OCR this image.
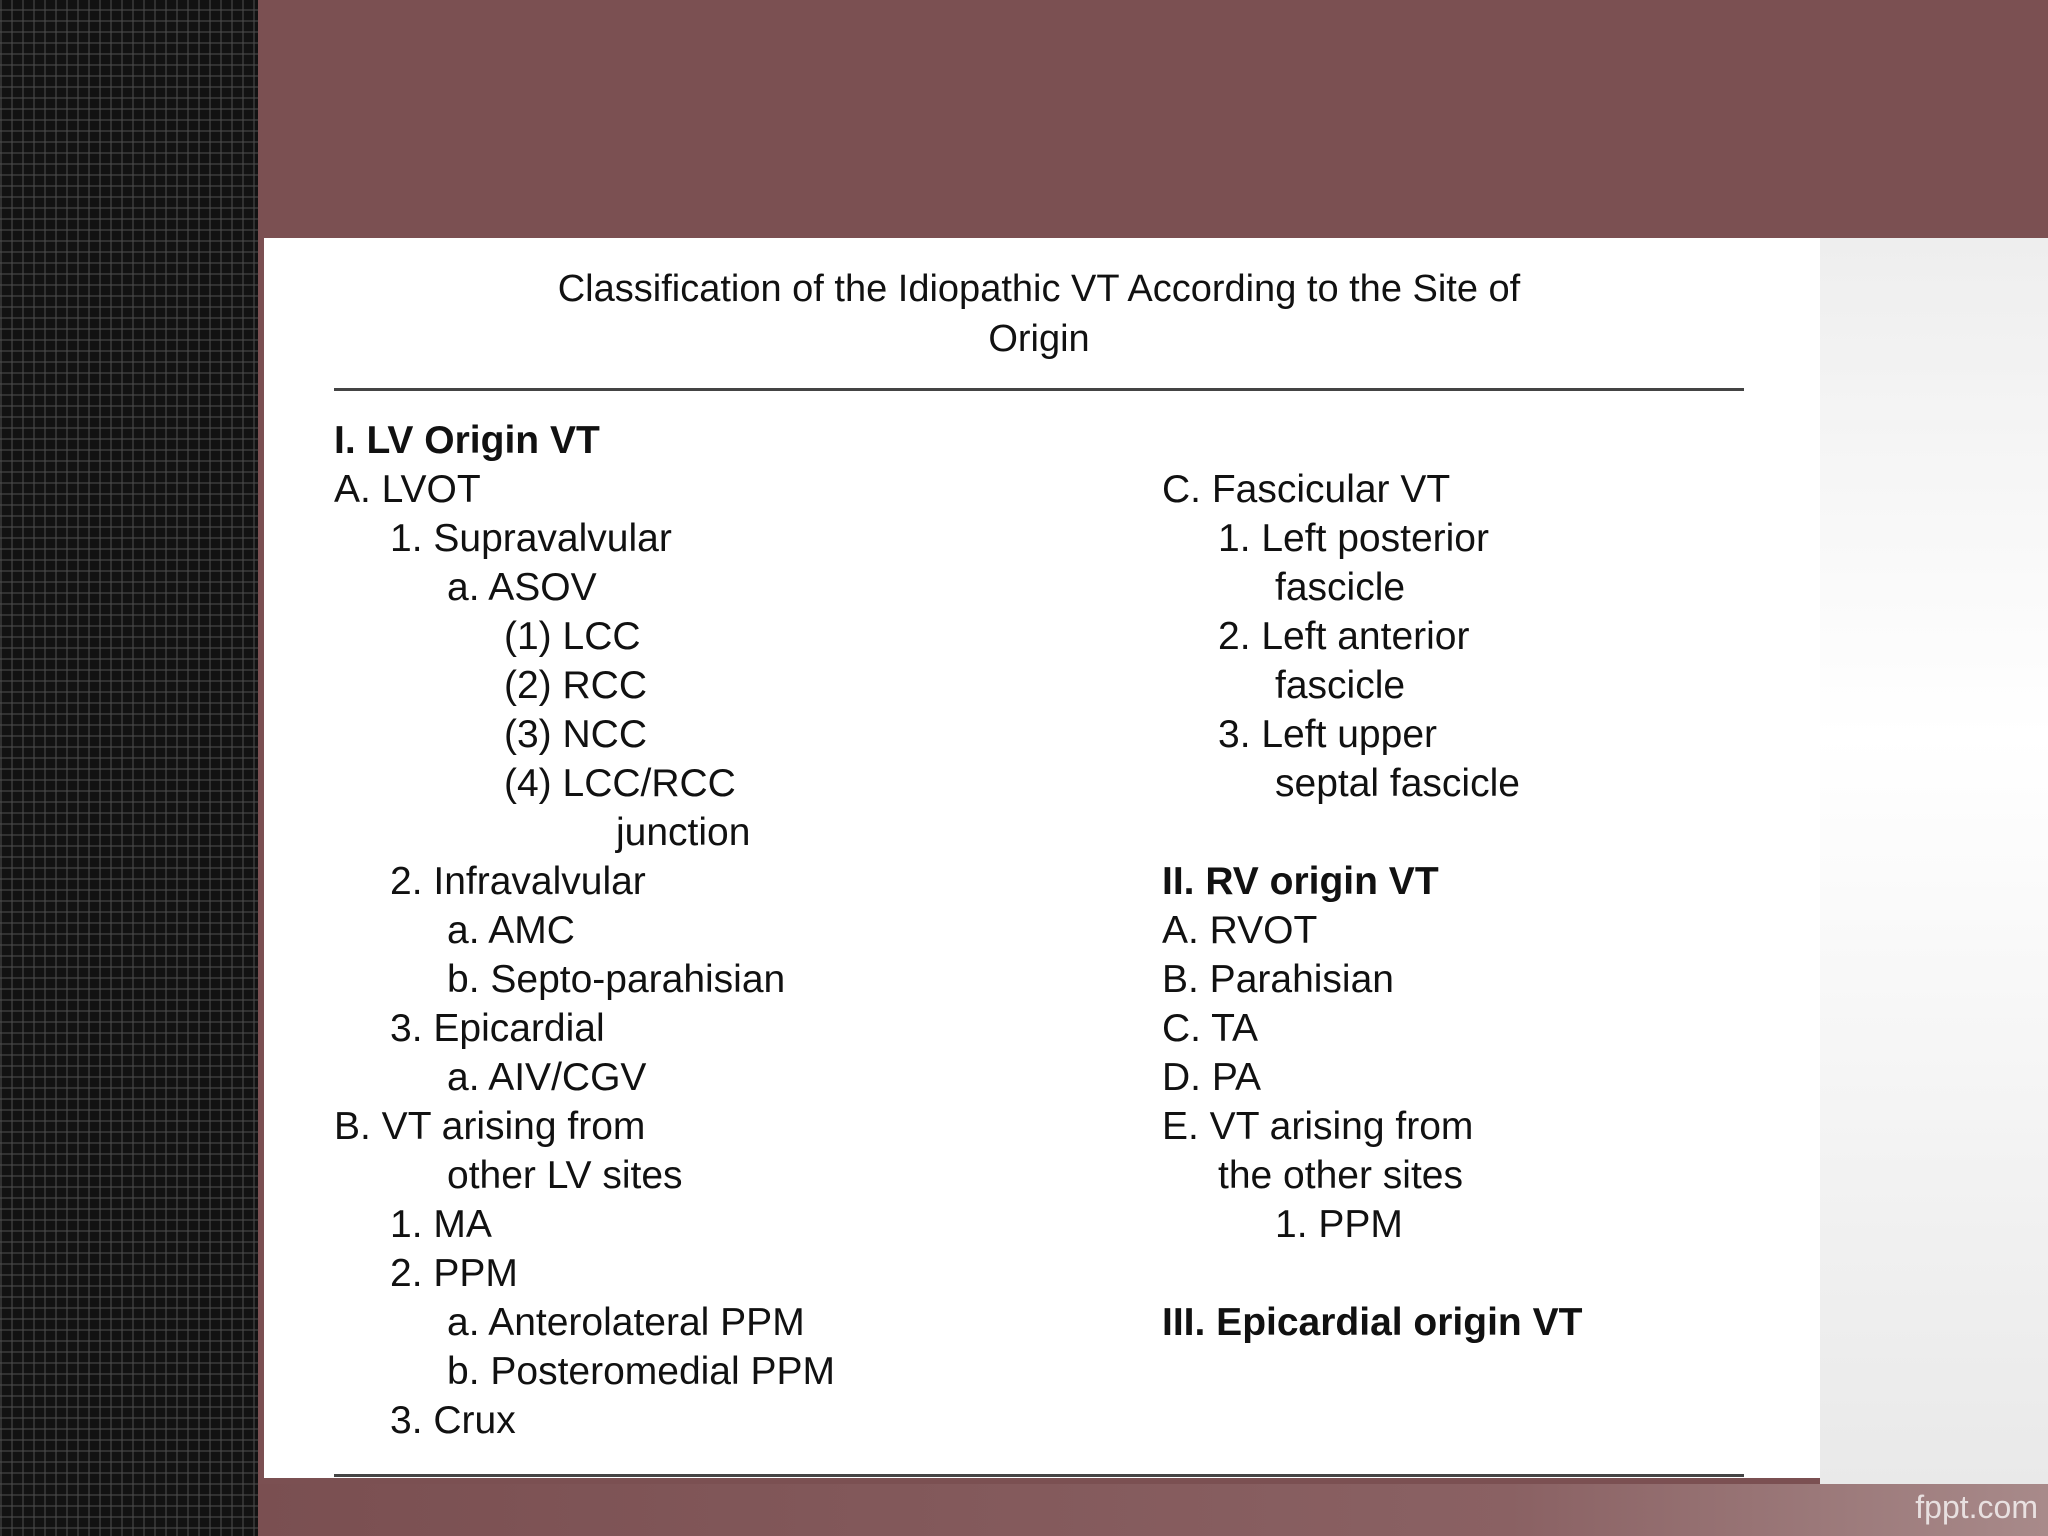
fppt.com
Classification of the Idiopathic VT According to the Site of
Origin
I. LV Origin VT
A. LVOT
1. Supravalvular
a. ASOV
(1) LCC
(2) RCC
(3) NCC
(4) LCC/RCC
junction
2. Infravalvular
a. AMC
b. Septo-parahisian
3. Epicardial
a. AIV/CGV
B. VT arising from
other LV sites
1. MA
2. PPM
a. Anterolateral PPM
b. Posteromedial PPM
3. Crux
C. Fascicular VT
1. Left posterior
fascicle
2. Left anterior
fascicle
3. Left upper
septal fascicle
II. RV origin VT
A. RVOT
B. Parahisian
C. TA
D. PA
E. VT arising from
the other sites
1. PPM
III. Epicardial origin VT
